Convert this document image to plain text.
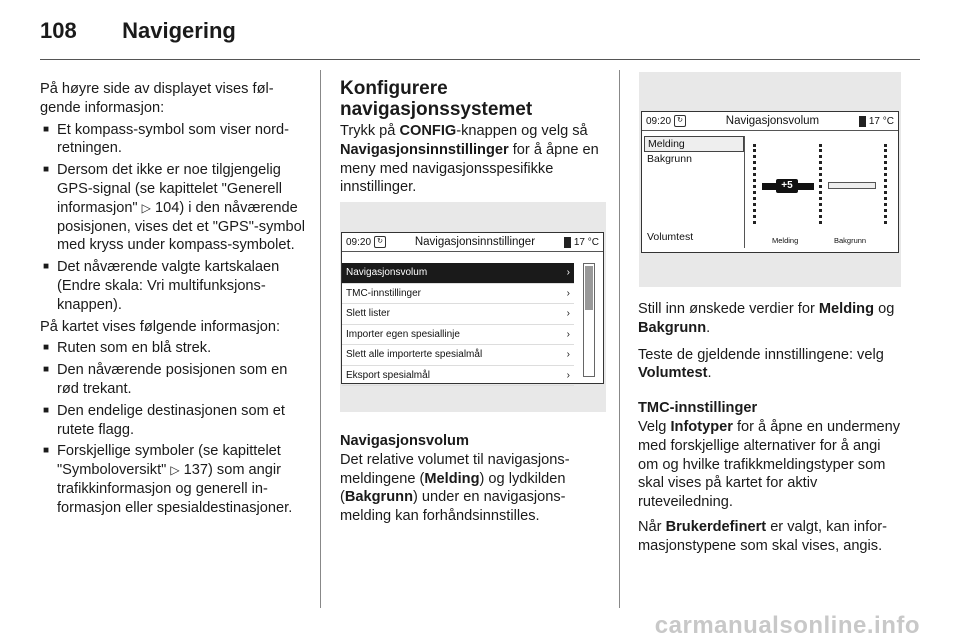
108 Navigering

På høyre side av displayet vises følgende informasjon:

■ Et kompass-symbol som viser nord-retningen.
■ Dersom det ikke er noe tilgjengelig GPS-signal (se kapittelet "Generell informasjon" ▷ 104) i den nåværende posisjonen, vises det et "GPS"-symbol med kryss under kompass-symbolet.
■ Det nåværende valgte kartskalaen (Endre skala: Vri multifunksjonsknappen).

På kartet vises følgende informasjon:

■ Ruten som en blå strek.
■ Den nåværende posisjonen som en rød trekant.
■ Den endelige destinasjonen som et rutete flagg.
■ Forskjellige symboler (se kapittelet "Symboloversikt" ▷ 137) som angir trafikkinformasjon og generell informasjon eller spesialdestinasjoner.
Konfigurere navigasjonssystemet

Trykk på CONFIG-knappen og velg så Navigasjonsinnstillinger for å åpne en meny med navigasjonsspesifikke innstillinger.

09:20 ↻	Navigasjonsinnstillinger	17 °C
Navigasjonsvolum	›
TMC-innstillinger	›
Slett lister	›
Importer egen spesiallinje	›
Slett alle importerte spesialmål	›
Eksport spesialmål	›

Navigasjonsvolum

Det relative volumet til navigasjonsmeldingene (Melding) og lydkilden (Bakgrunn) under en navigasjonsmelding kan forhåndsinnstilles.

09:20 ↻	Navigasjonsvolum	17 °C
Melding
Bakgrunn
Volumtest
+5
Melding	Bakgrunn

Still inn ønskede verdier for Melding og Bakgrunn.

Teste de gjeldende innstillingene: velg Volumtest.

TMC-innstillinger

Velg Infotyper for å åpne en undermeny med forskjellige alternativer for å angi om og hvilke trafikkmeldingstyper som skal vises på kartet for aktiv ruteveiledning.

Når Brukerdefinert er valgt, kan informasjonstypene som skal vises, angis.

carmanualsonline.info
